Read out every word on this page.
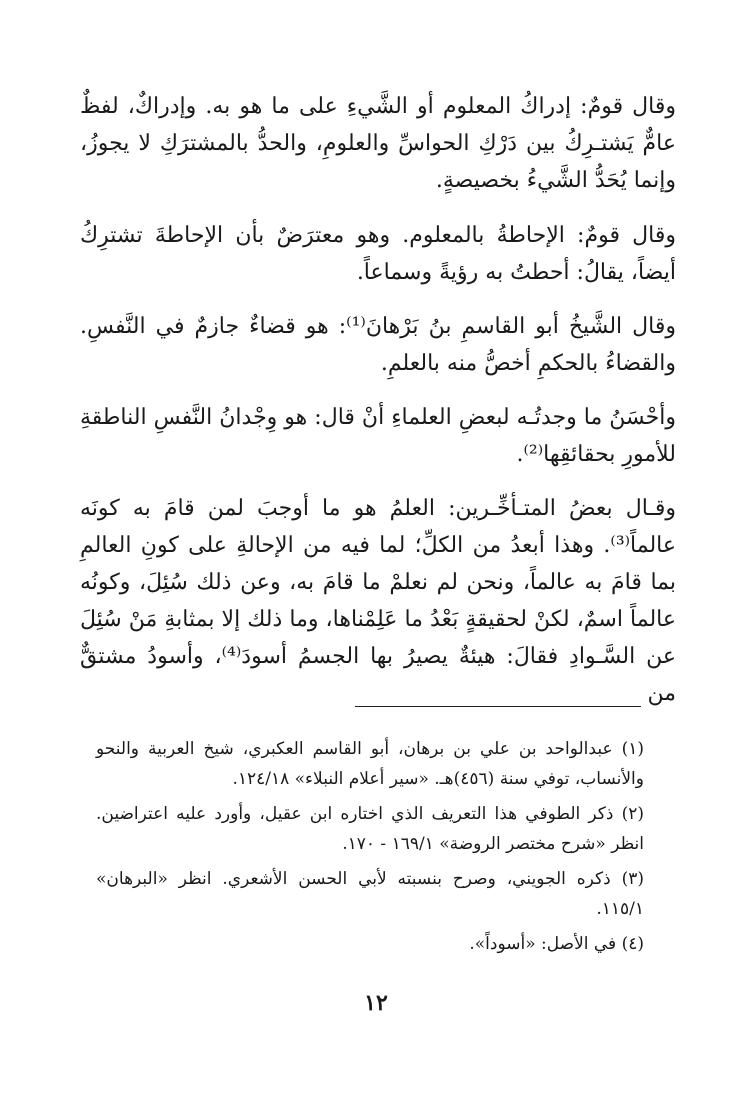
وقال قومٌ: إدراكُ المعلوم أو الشَّيءِ على ما هو به. وإدراكٌ، لفظٌ عامٌّ يَشتـرِكُ بين دَرْكِ الحواسِّ والعلومِ، والحدُّ بالمشترَكِ لا يجوزُ، وإنما يُحَدُّ الشَّيءُ بخصيصةٍ.

وقال قومٌ: الإحاطةُ بالمعلوم. وهو معترَضٌ بأن الإحاطةَ تشترِكُ أيضاً، يقالُ: أحطتُ به رؤيةً وسماعاً.

وقال الشَّيخُ أبو القاسمِ بنُ بَرْهانَ⁽¹⁾: هو قضاءٌ جازمٌ في النَّفسِ. والقضاءُ بالحكمِ أخصُّ منه بالعلمِ.

وأحْسَنُ ما وجدتُـه لبعضِ العلماءِ أنْ قال: هو وِجْدانُ النَّفسِ الناطقةِ للأمورِ بحقائقِها⁽²⁾.

وقـال بعضُ المتـأخِّـرين: العلمُ هو ما أوجبَ لمن قامَ به كونَه عالماً⁽³⁾. وهذا أبعدُ من الكلِّ؛ لما فيه من الإحالةِ على كونِ العالمِ بما قامَ به عالماً، ونحن لم نعلمْ ما قامَ به، وعن ذلك سُئِلَ، وكونُه عالماً اسمٌ، لكنْ لحقيقةٍ بَعْدُ ما عَلِمْناها، وما ذلك إلا بمثابةِ مَنْ سُئِلَ عن السَّـوادِ فقالَ: هيئةٌ يصيرُ بها الجسمُ أسودَ⁽⁴⁾، وأسودُ مشتقٌّ من

(١) عبدالواحد بن علي بن برهان، أبو القاسم العكبري، شيخ العربية والنحو والأنساب، توفي سنة (٤٥٦)هـ. «سير أعلام النبلاء» ١٢٤/١٨.

(٢) ذكر الطوفي هذا التعريف الذي اختاره ابن عقيل، وأورد عليه اعتراضين. انظر «شرح مختصر الروضة» ١٦٩/١ - ١٧٠.

(٣) ذكره الجويني، وصرح بنسبته لأبي الحسن الأشعري. انظر «البرهان» ١١٥/١.

(٤) في الأصل: «أسوداً».

١٢
